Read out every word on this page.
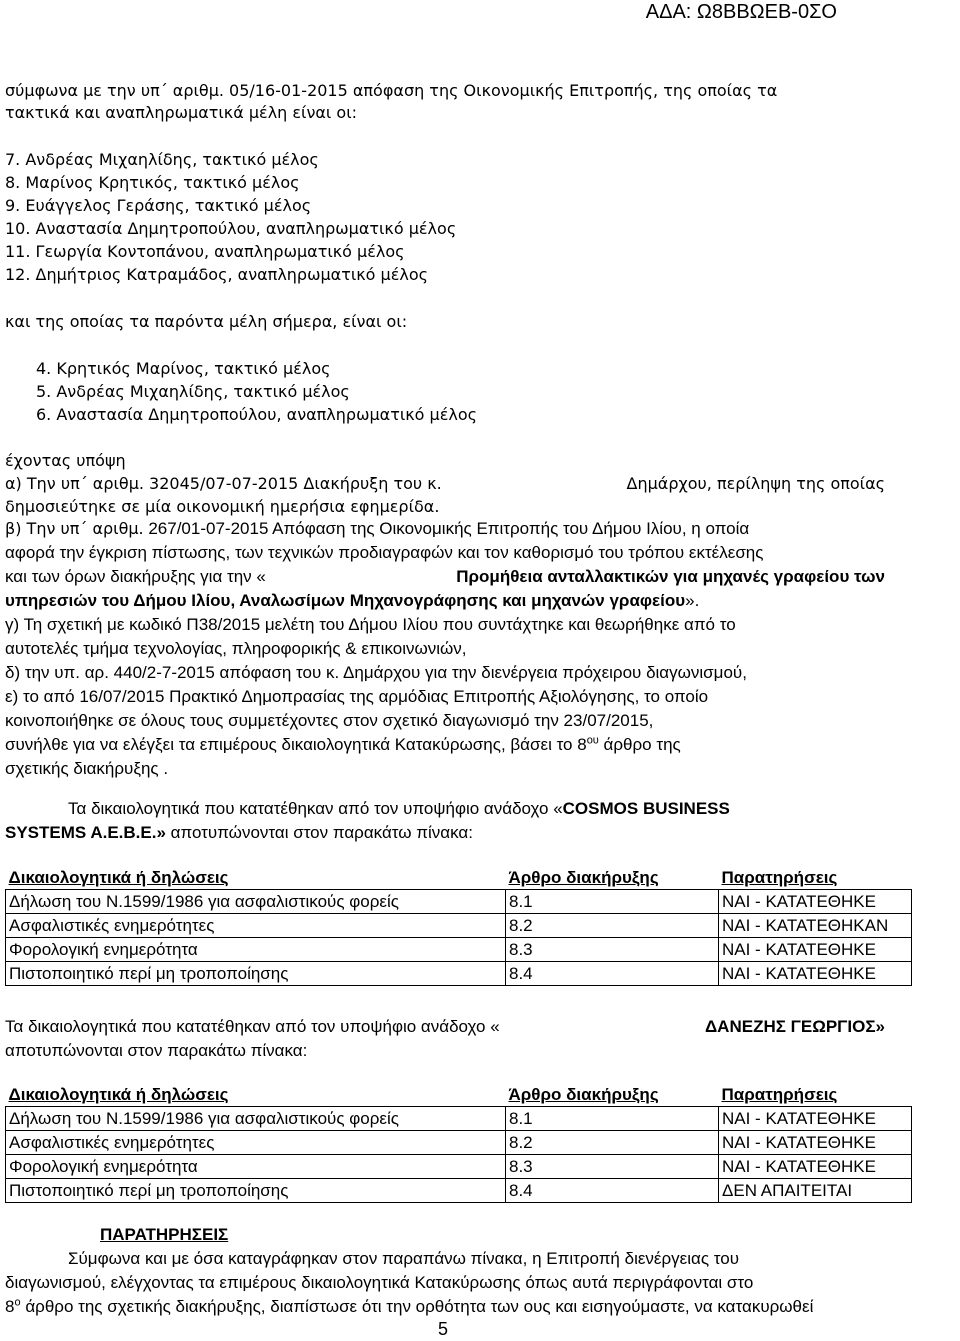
ΑΔΑ: Ω8ΒΒΩΕΒ-0ΣΟ
σύμφωνα με την υπ΄ αριθμ. 05/16-01-2015 απόφαση της Οικονομικής Επιτροπής, της οποίας τα
τακτικά και αναπληρωματικά μέλη είναι οι:
7. Ανδρέας Μιχαηλίδης, τακτικό μέλος
8. Μαρίνος Κρητικός, τακτικό μέλος
9. Ευάγγελος Γεράσης, τακτικό μέλος
10. Αναστασία Δημητροπούλου, αναπληρωματικό μέλος
11. Γεωργία Κοντοπάνου, αναπληρωματικό μέλος
12. Δημήτριος Κατραμάδος, αναπληρωματικό μέλος
και της οποίας τα παρόντα μέλη σήμερα, είναι οι:
4. Κρητικός Μαρίνος, τακτικό μέλος
5. Ανδρέας Μιχαηλίδης, τακτικό μέλος
6. Αναστασία Δημητροπούλου, αναπληρωματικό μέλος
έχοντας υπόψη
α) Την υπ΄ αριθμ. 32045/07-07-2015 Διακήρυξη του κ.	Δημάρχου, περίληψη της οποίας
δημοσιεύτηκε σε μία οικονομική ημερήσια εφημερίδα.
β) Την υπ΄ αριθμ. 267/01-07-2015 Απόφαση της Οικονομικής Επιτροπής του Δήμου Ιλίου, η οποία
αφορά την έγκριση πίστωσης, των τεχνικών προδιαγραφών και τον καθορισμό του τρόπου εκτέλεσης
και των όρων διακήρυξης για την «	Προμήθεια ανταλλακτικών για μηχανές γραφείου των
υπηρεσιών του Δήμου Ιλίου, Αναλωσίμων Μηχανογράφησης και μηχανών γραφείου».
γ) Τη σχετική με κωδικό Π38/2015 μελέτη του Δήμου Ιλίου που συντάχτηκε και θεωρήθηκε από το
αυτοτελές τμήμα τεχνολογίας, πληροφορικής & επικοινωνιών,
δ) την υπ. αρ. 440/2-7-2015 απόφαση του κ. Δημάρχου για την διενέργεια πρόχειρου διαγωνισμού,
ε) το από 16/07/2015 Πρακτικό Δημοπρασίας της αρμόδιας Επιτροπής Αξιολόγησης, το οποίο
κοινοποιήθηκε σε όλους τους συμμετέχοντες στον σχετικό διαγωνισμό την 23/07/2015,
συνήλθε για να ελέγξει τα επιμέρους δικαιολογητικά Κατακύρωσης, βάσει το $8^{o\upsilon}$ άρθρο της
σχετικής διακήρυξης .
Τα δικαιολογητικά που κατατέθηκαν από τον υποψήφιο ανάδοχο «COSMOS BUSINESS
SYSTEMS A.E.B.E.» αποτυπώνονται στον παρακάτω πίνακα:
Δικαιολογητικά ή δηλώσεις	Άρθρο διακήρυξης	Παρατηρήσεις
Δήλωση του Ν.1599/1986 για ασφαλιστικούς φορείς	8.1	ΝΑΙ - ΚΑΤΑΤΕΘΗΚΕ
Ασφαλιστικές ενημερότητες	8.2	ΝΑΙ - ΚΑΤΑΤΕΘΗΚΑΝ
Φορολογική ενημερότητα	8.3	ΝΑΙ - ΚΑΤΑΤΕΘΗΚΕ
Πιστοποιητικό περί μη τροποποίησης	8.4	ΝΑΙ - ΚΑΤΑΤΕΘΗΚΕ
Τα δικαιολογητικά που κατατέθηκαν από τον υποψήφιο ανάδοχο «	ΔΑΝΕΖΗΣ ΓΕΩΡΓΙΟΣ»
αποτυπώνονται στον παρακάτω πίνακα:
Δικαιολογητικά ή δηλώσεις	Άρθρο διακήρυξης	Παρατηρήσεις
Δήλωση του Ν.1599/1986 για ασφαλιστικούς φορείς	8.1	ΝΑΙ - ΚΑΤΑΤΕΘΗΚΕ
Ασφαλιστικές ενημερότητες	8.2	ΝΑΙ - ΚΑΤΑΤΕΘΗΚΕ
Φορολογική ενημερότητα	8.3	ΝΑΙ - ΚΑΤΑΤΕΘΗΚΕ
Πιστοποιητικό περί μη τροποποίησης	8.4	ΔΕΝ ΑΠΑΙΤΕΙΤΑΙ
ΠΑΡΑΤΗΡΗΣΕΙΣ
Σύμφωνα και με όσα καταγράφηκαν στον παραπάνω πίνακα, η Επιτροπή διενέργειας του
διαγωνισμού, ελέγχοντας τα επιμέρους δικαιολογητικά Κατακύρωσης όπως αυτά περιγράφονται στο
$8^o$ άρθρο της σχετικής διακήρυξης, διαπίστωσε ότι την ορθότητα των ους και εισηγούμαστε, να κατακυρωθεί
5
